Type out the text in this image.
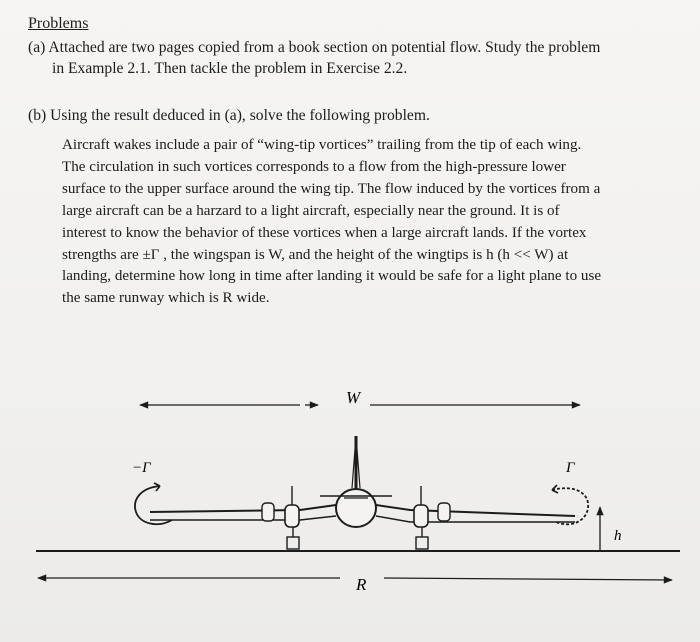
Problems
(a) Attached are two pages copied from a book section on potential flow. Study the problem
in Example 2.1. Then tackle the problem in Exercise 2.2.
(b) Using the result deduced in (a), solve the following problem.
Aircraft wakes include a pair of “wing-tip vortices” trailing from the tip of each wing.
The circulation in such vortices corresponds to a flow from the high-pressure lower
surface to the upper surface around the wing tip. The flow induced by the vortices from a
large aircraft can be a harzard to a light aircraft, especially near the ground. It is of
interest to know the behavior of these vortices when a large aircraft lands. If the vortex
strengths are ±Γ , the wingspan is W, and the height of the wingtips is h (h << W) at
landing, determine how long in time after landing it would be safe for a light plane to use
the same runway which is R wide.
W
−Γ	Γ
h
R
